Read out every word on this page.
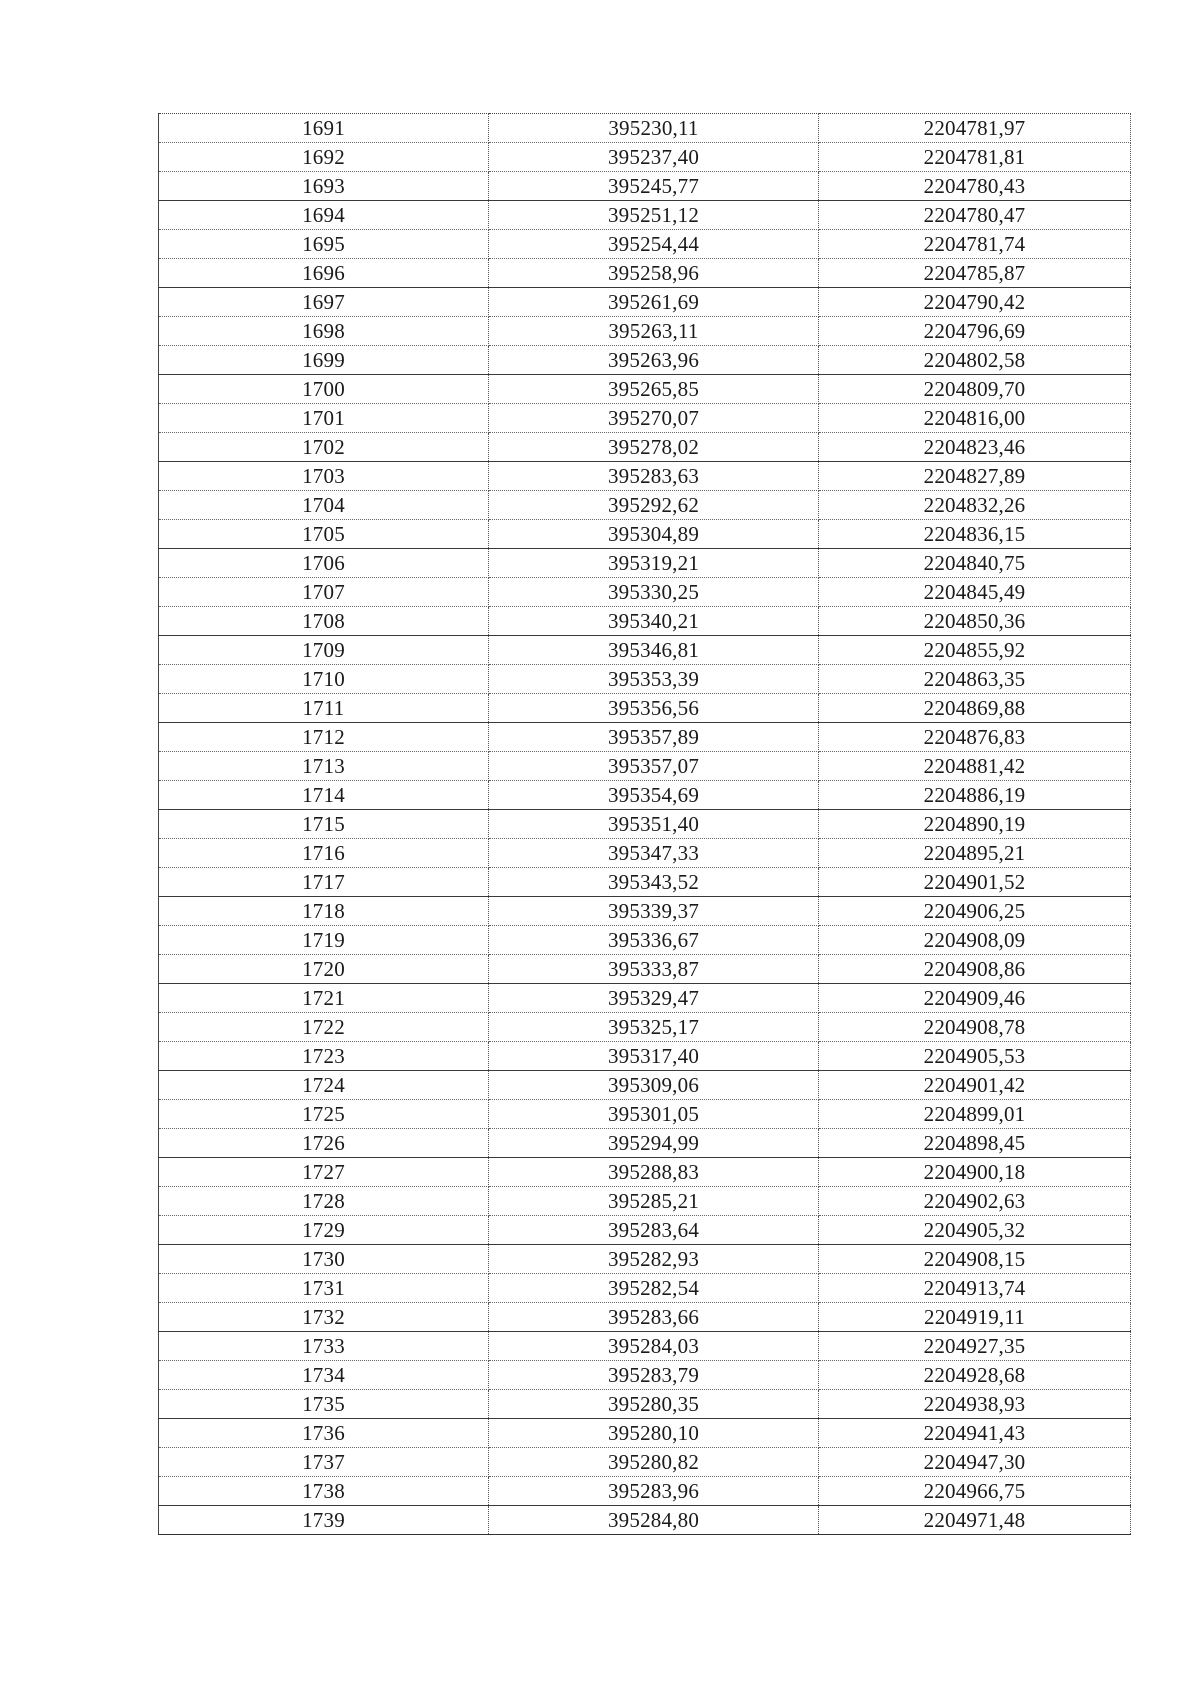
1691	395230,11	2204781,97
1692	395237,40	2204781,81
1693	395245,77	2204780,43
1694	395251,12	2204780,47
1695	395254,44	2204781,74
1696	395258,96	2204785,87
1697	395261,69	2204790,42
1698	395263,11	2204796,69
1699	395263,96	2204802,58
1700	395265,85	2204809,70
1701	395270,07	2204816,00
1702	395278,02	2204823,46
1703	395283,63	2204827,89
1704	395292,62	2204832,26
1705	395304,89	2204836,15
1706	395319,21	2204840,75
1707	395330,25	2204845,49
1708	395340,21	2204850,36
1709	395346,81	2204855,92
1710	395353,39	2204863,35
1711	395356,56	2204869,88
1712	395357,89	2204876,83
1713	395357,07	2204881,42
1714	395354,69	2204886,19
1715	395351,40	2204890,19
1716	395347,33	2204895,21
1717	395343,52	2204901,52
1718	395339,37	2204906,25
1719	395336,67	2204908,09
1720	395333,87	2204908,86
1721	395329,47	2204909,46
1722	395325,17	2204908,78
1723	395317,40	2204905,53
1724	395309,06	2204901,42
1725	395301,05	2204899,01
1726	395294,99	2204898,45
1727	395288,83	2204900,18
1728	395285,21	2204902,63
1729	395283,64	2204905,32
1730	395282,93	2204908,15
1731	395282,54	2204913,74
1732	395283,66	2204919,11
1733	395284,03	2204927,35
1734	395283,79	2204928,68
1735	395280,35	2204938,93
1736	395280,10	2204941,43
1737	395280,82	2204947,30
1738	395283,96	2204966,75
1739	395284,80	2204971,48
